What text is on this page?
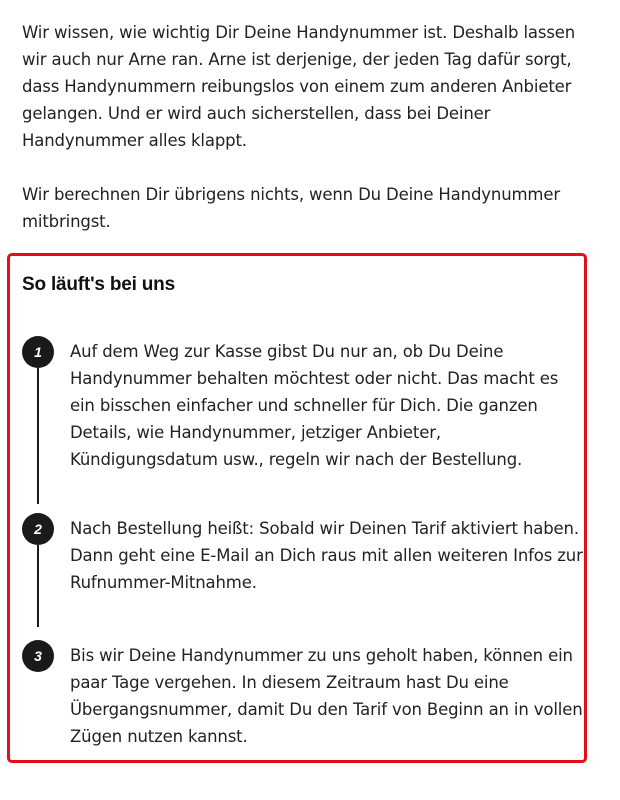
Wir wissen, wie wichtig Dir Deine Handynummer ist. Deshalb lassen wir auch nur Arne ran. Arne ist derjenige, der jeden Tag dafür sorgt, dass Handynummern reibungslos von einem zum anderen Anbieter gelangen. Und er wird auch sicherstellen, dass bei Deiner Handynummer alles klappt.

Wir berechnen Dir übrigens nichts, wenn Du Deine Handynummer mitbringst.

So läuft's bei uns
1	Auf dem Weg zur Kasse gibst Du nur an, ob Du Deine Handynummer behalten möchtest oder nicht. Das macht es ein bisschen einfacher und schneller für Dich. Die ganzen Details, wie Handynummer, jetziger Anbieter, Kündigungsdatum usw., regeln wir nach der Bestellung.

2	Nach Bestellung heißt: Sobald wir Deinen Tarif aktiviert haben. Dann geht eine E-Mail an Dich raus mit allen weiteren Infos zur Rufnummer-Mitnahme.

3	Bis wir Deine Handynummer zu uns geholt haben, können ein paar Tage vergehen. In diesem Zeitraum hast Du eine Übergangsnummer, damit Du den Tarif von Beginn an in vollen Zügen nutzen kannst.
